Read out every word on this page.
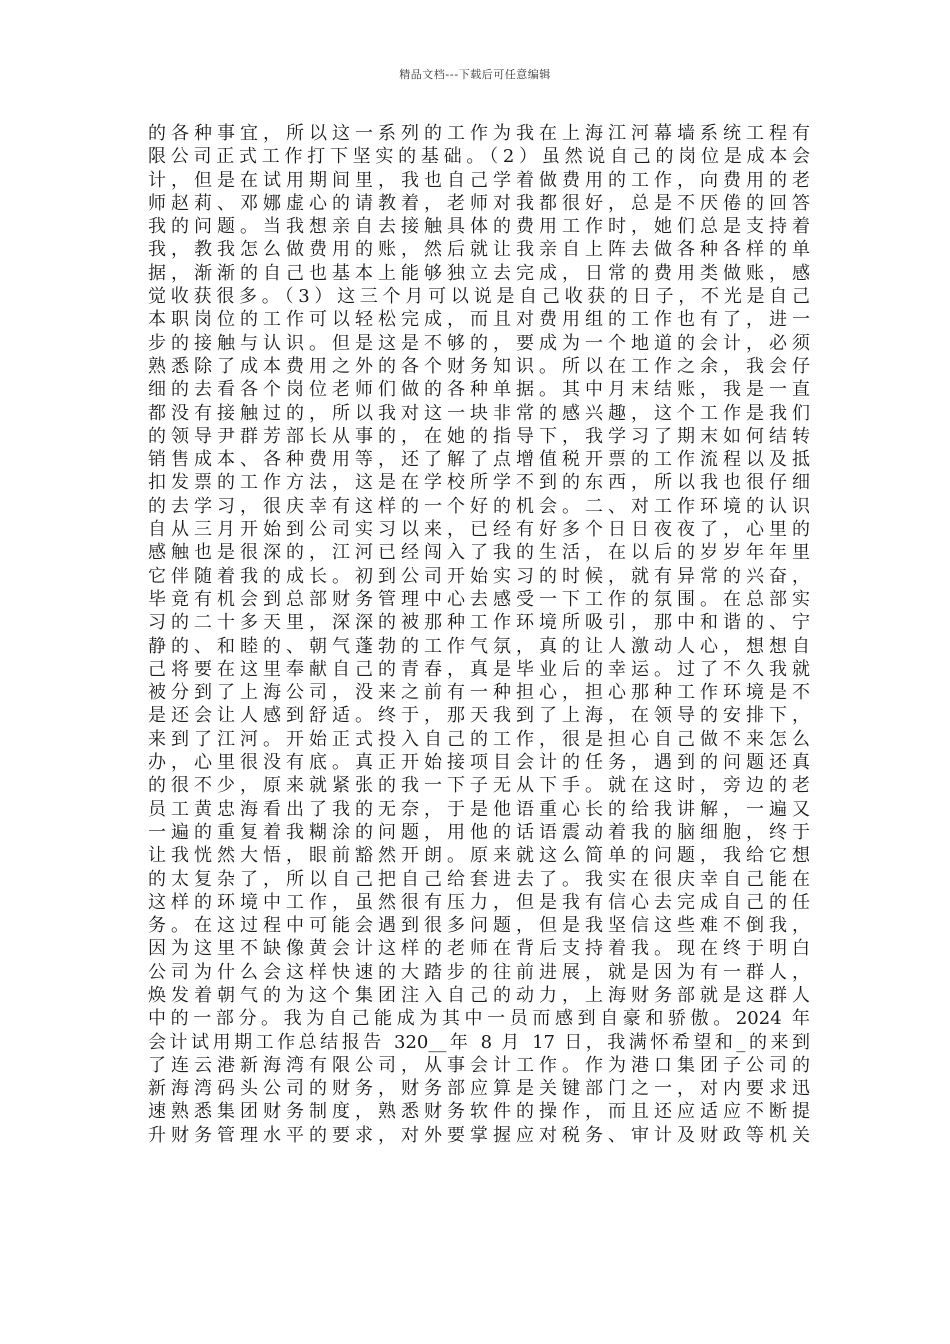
精品文档---下载后可任意编辑
的各种事宜，所以这一系列的工作为我在上海江河幕墙系统工程有
限公司正式工作打下坚实的基础。（2）虽然说自己的岗位是成本会
计，但是在试用期间里，我也自己学着做费用的工作，向费用的老
师赵莉、邓娜虚心的请教着，老师对我都很好，总是不厌倦的回答
我的问题。当我想亲自去接触具体的费用工作时，她们总是支持着
我，教我怎么做费用的账，然后就让我亲自上阵去做各种各样的单
据，渐渐的自己也基本上能够独立去完成，日常的费用类做账，感
觉收获很多。（3）这三个月可以说是自己收获的日子，不光是自己
本职岗位的工作可以轻松完成，而且对费用组的工作也有了，进一
步的接触与认识。但是这是不够的，要成为一个地道的会计，必须
熟悉除了成本费用之外的各个财务知识。所以在工作之余，我会仔
细的去看各个岗位老师们做的各种单据。其中月末结账，我是一直
都没有接触过的，所以我对这一块非常的感兴趣，这个工作是我们
的领导尹群芳部长从事的，在她的指导下，我学习了期末如何结转
销售成本、各种费用等，还了解了点增值税开票的工作流程以及抵
扣发票的工作方法，这是在学校所学不到的东西，所以我也很仔细
的去学习，很庆幸有这样的一个好的机会。二、对工作环境的认识
自从三月开始到公司实习以来，已经有好多个日日夜夜了，心里的
感触也是很深的，江河已经闯入了我的生活，在以后的岁岁年年里
它伴随着我的成长。初到公司开始实习的时候，就有异常的兴奋，
毕竟有机会到总部财务管理中心去感受一下工作的氛围。在总部实
习的二十多天里，深深的被那种工作环境所吸引，那中和谐的、宁
静的、和睦的、朝气蓬勃的工作气氛，真的让人激动人心，想想自
己将要在这里奉献自己的青春，真是毕业后的幸运。过了不久我就
被分到了上海公司，没来之前有一种担心，担心那种工作环境是不
是还会让人感到舒适。终于，那天我到了上海，在领导的安排下，
来到了江河。开始正式投入自己的工作，很是担心自己做不来怎么
办，心里很没有底。真正开始接项目会计的任务，遇到的问题还真
的很不少，原来就紧张的我一下子无从下手。就在这时，旁边的老
员工黄忠海看出了我的无奈，于是他语重心长的给我讲解，一遍又
一遍的重复着我糊涂的问题，用他的话语震动着我的脑细胞，终于
让我恍然大悟，眼前豁然开朗。原来就这么简单的问题，我给它想
的太复杂了，所以自己把自己给套进去了。我实在很庆幸自己能在
这样的环境中工作，虽然很有压力，但是我有信心去完成自己的任
务。在这过程中可能会遇到很多问题，但是我坚信这些难不倒我，
因为这里不缺像黄会计这样的老师在背后支持着我。现在终于明白
公司为什么会这样快速的大踏步的往前进展，就是因为有一群人，
焕发着朝气的为这个集团注入自己的动力，上海财务部就是这群人
中的一部分。我为自己能成为其中一员而感到自豪和骄傲。2024 年
会计试用期工作总结报告 320__年 8 月 17 日，我满怀希望和_的来到
了连云港新海湾有限公司，从事会计工作。作为港口集团子公司的
新海湾码头公司的财务，财务部应算是关键部门之一，对内要求迅
速熟悉集团财务制度，熟悉财务软件的操作，而且还应适应不断提
升财务管理水平的要求，对外要掌握应对税务、审计及财政等机关
